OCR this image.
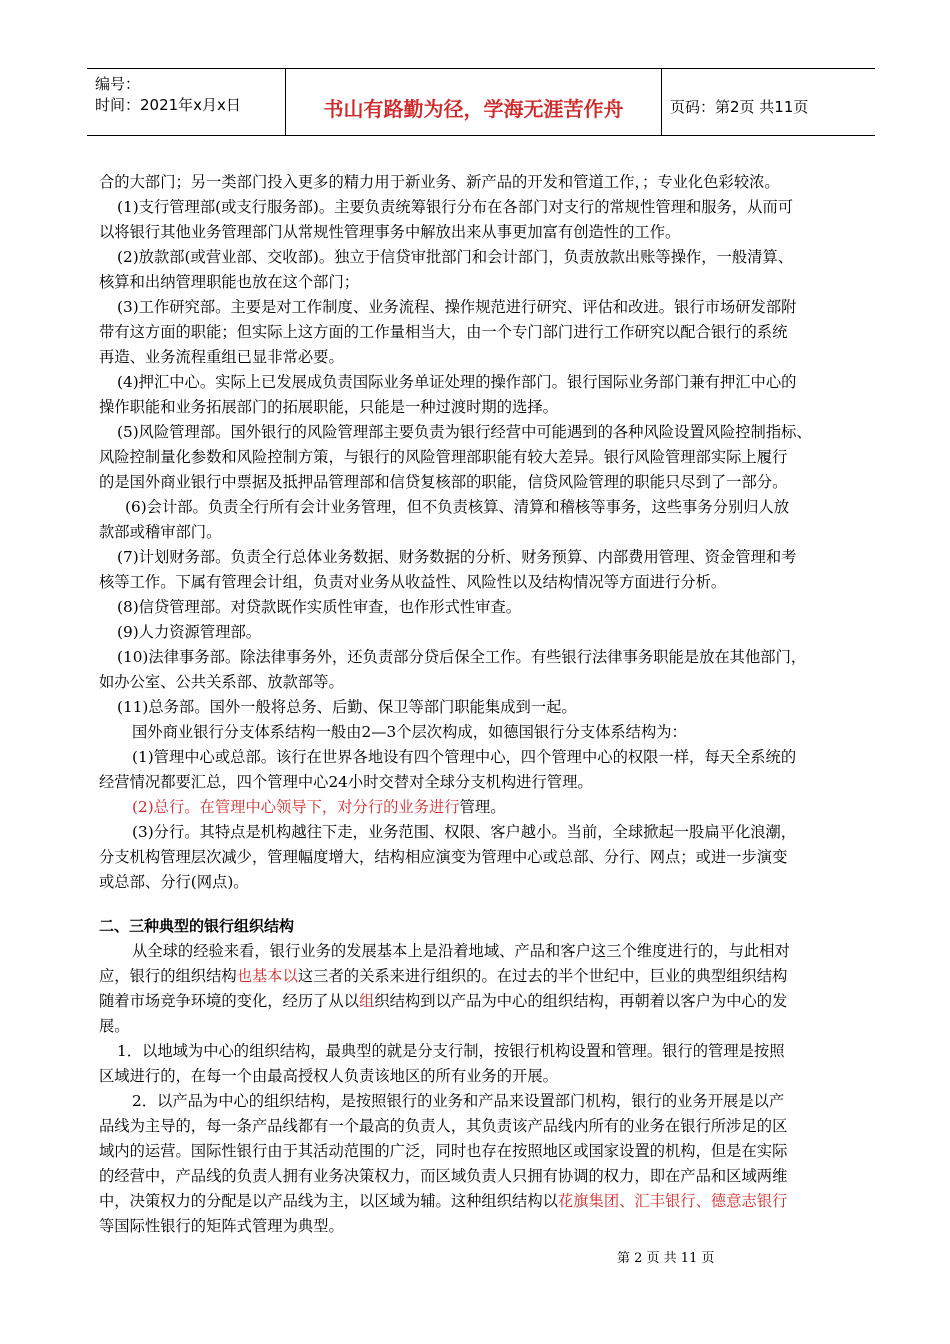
编号：
时间：2021年x月x日	书山有路勤为径，学海无涯苦作舟	页码：第2页 共11页
合的大部门；另一类部门投入更多的精力用于新业务、新产品的开发和管道工作，；专业化色彩较浓。
(1)支行管理部(或支行服务部)。主要负责统筹银行分布在各部门对支行的常规性管理和服务，从而可
以将银行其他业务管理部门从常规性管理事务中解放出来从事更加富有创造性的工作。
(2)放款部(或营业部、交收部)。独立于信贷审批部门和会计部门，负责放款出账等操作，一般清算、
核算和出纳管理职能也放在这个部门；
(3)工作研究部。主要是对工作制度、业务流程、操作规范进行研究、评估和改进。银行市场研发部附
带有这方面的职能；但实际上这方面的工作量相当大，由一个专门部门进行工作研究以配合银行的系统
再造、业务流程重组已显非常必要。
(4)押汇中心。实际上已发展成负责国际业务单证处理的操作部门。银行国际业务部门兼有押汇中心的
操作职能和业务拓展部门的拓展职能，只能是一种过渡时期的选择。
(5)风险管理部。国外银行的风险管理部主要负责为银行经营中可能遇到的各种风险设置风险控制指标、
风险控制量化参数和风险控制方策，与银行的风险管理部职能有较大差异。银行风险管理部实际上履行
的是国外商业银行中票据及抵押品管理部和信贷复核部的职能，信贷风险管理的职能只尽到了一部分。
(6)会计部。负责全行所有会计业务管理，但不负责核算、清算和稽核等事务，这些事务分别归人放
款部或稽审部门。
(7)计划财务部。负责全行总体业务数据、财务数据的分析、财务预算、内部费用管理、资金管理和考
核等工作。下属有管理会计组，负责对业务从收益性、风险性以及结构情况等方面进行分析。
(8)信贷管理部。对贷款既作实质性审查，也作形式性审查。
(9)人力资源管理部。
(10)法律事务部。除法律事务外，还负责部分贷后保全工作。有些银行法律事务职能是放在其他部门，
如办公室、公共关系部、放款部等。
(11)总务部。国外一般将总务、后勤、保卫等部门职能集成到一起。
国外商业银行分支体系结构一般由2—3个层次构成，如德国银行分支体系结构为：
(1)管理中心或总部。该行在世界各地设有四个管理中心，四个管理中心的权限一样，每天全系统的
经营情况都要汇总，四个管理中心24小时交替对全球分支机构进行管理。
(2)总行。在管理中心领导下，对分行的业务进行管理。
(3)分行。其特点是机构越往下走，业务范围、权限、客户越小。当前，全球掀起一股扁平化浪潮，
分支机构管理层次减少，管理幅度增大，结构相应演变为管理中心或总部、分行、网点；或进一步演变
或总部、分行(网点)。
二、三种典型的银行组织结构
从全球的经验来看，银行业务的发展基本上是沿着地域、产品和客户这三个维度进行的，与此相对
应，银行的组织结构也基本以这三者的关系来进行组织的。在过去的半个世纪中，巨业的典型组织结构
随着市场竞争环境的变化，经历了从以组织结构到以产品为中心的组织结构，再朝着以客户为中心的发
展。
1．以地域为中心的组织结构，最典型的就是分支行制，按银行机构设置和管理。银行的管理是按照
区域进行的，在每一个由最高授权人负责该地区的所有业务的开展。
2．以产品为中心的组织结构，是按照银行的业务和产品来设置部门机构，银行的业务开展是以产
品线为主导的，每一条产品线都有一个最高的负责人，其负责该产品线内所有的业务在银行所涉足的区
域内的运营。国际性银行由于其活动范围的广泛，同时也存在按照地区或国家设置的机构，但是在实际
的经营中，产品线的负责人拥有业务决策权力，而区域负责人只拥有协调的权力，即在产品和区域两维
中，决策权力的分配是以产品线为主，以区域为辅。这种组织结构以花旗集团、汇丰银行、德意志银行
等国际性银行的矩阵式管理为典型。
第 2 页 共 11 页
